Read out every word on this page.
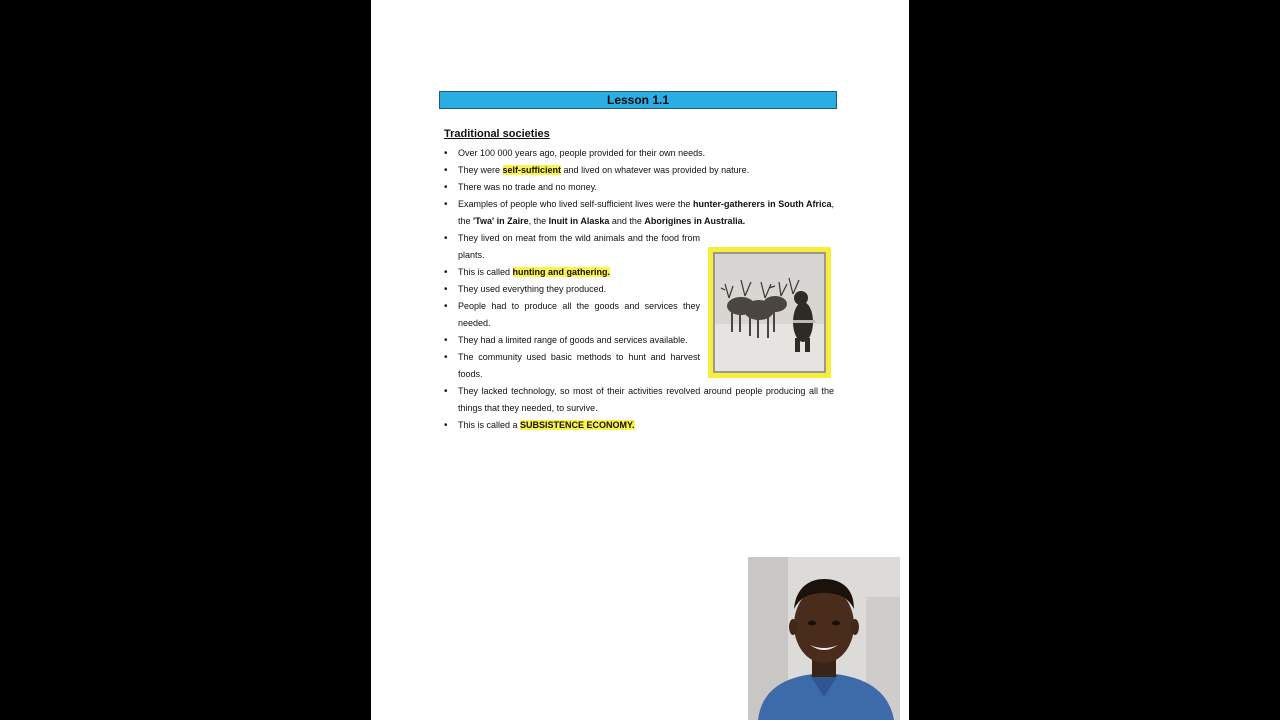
Lesson 1.1
Traditional societies
• Over 100 000 years ago, people provided for their own needs.
• They were self-sufficient and lived on whatever was provided by nature.
• There was no trade and no money.
• Examples of people who lived self-sufficient lives were the hunter-gatherers in South Africa, the 'Twa' in Zaire, the Inuit in Alaska and the Aborigines in Australia.
• They lived on meat from the wild animals and the food from plants.
• This is called hunting and gathering.
• They used everything they produced.
• People had to produce all the goods and services they needed.
• They had a limited range of goods and services available.
• The community used basic methods to hunt and harvest foods.
• They lacked technology, so most of their activities revolved around people producing all the things that they needed, to survive.
• This is called a SUBSISTENCE ECONOMY.
